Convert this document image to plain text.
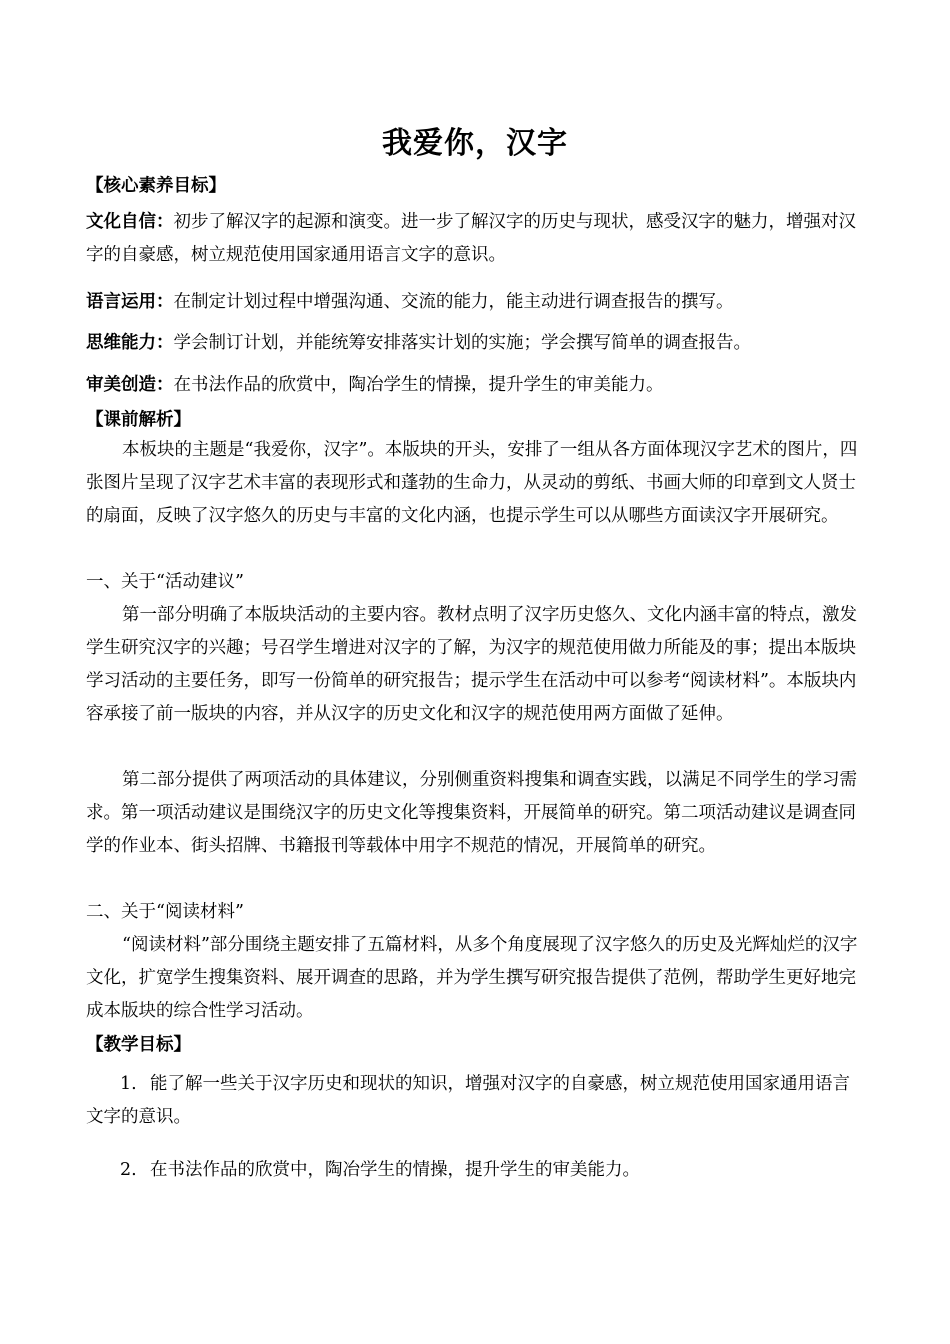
我爱你，汉字
【核心素养目标】
文化自信：初步了解汉字的起源和演变。进一步了解汉字的历史与现状，感受汉字的魅力，增强对汉字的自豪感，树立规范使用国家通用语言文字的意识。
语言运用：在制定计划过程中增强沟通、交流的能力，能主动进行调查报告的撰写。
思维能力：学会制订计划，并能统筹安排落实计划的实施；学会撰写简单的调查报告。
审美创造：在书法作品的欣赏中，陶冶学生的情操，提升学生的审美能力。
【课前解析】
本板块的主题是“我爱你，汉字”。本版块的开头，安排了一组从各方面体现汉字艺术的图片，四张图片呈现了汉字艺术丰富的表现形式和蓬勃的生命力，从灵动的剪纸、书画大师的印章到文人贤士的扇面，反映了汉字悠久的历史与丰富的文化内涵，也提示学生可以从哪些方面读汉字开展研究。
一、关于“活动建议”
第一部分明确了本版块活动的主要内容。教材点明了汉字历史悠久、文化内涵丰富的特点，激发学生研究汉字的兴趣；号召学生增进对汉字的了解，为汉字的规范使用做力所能及的事；提出本版块学习活动的主要任务，即写一份简单的研究报告；提示学生在活动中可以参考“阅读材料”。本版块内容承接了前一版块的内容，并从汉字的历史文化和汉字的规范使用两方面做了延伸。
第二部分提供了两项活动的具体建议，分别侧重资料搜集和调查实践，以满足不同学生的学习需求。第一项活动建议是围绕汉字的历史文化等搜集资料，开展简单的研究。第二项活动建议是调查同学的作业本、街头招牌、书籍报刊等载体中用字不规范的情况，开展简单的研究。
二、关于“阅读材料”
“阅读材料”部分围绕主题安排了五篇材料，从多个角度展现了汉字悠久的历史及光辉灿烂的汉字文化，扩宽学生搜集资料、展开调查的思路，并为学生撰写研究报告提供了范例，帮助学生更好地完成本版块的综合性学习活动。
【教学目标】
1. 能了解一些关于汉字历史和现状的知识，增强对汉字的自豪感，树立规范使用国家通用语言文字的意识。
2. 在书法作品的欣赏中，陶冶学生的情操，提升学生的审美能力。
